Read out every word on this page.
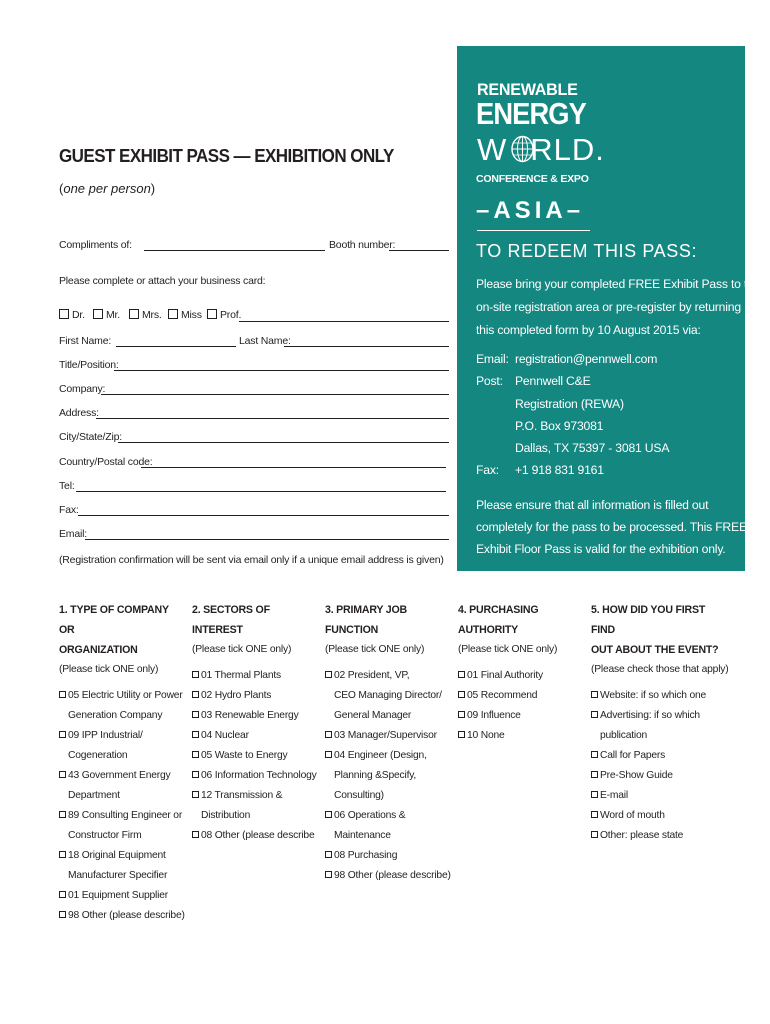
GUEST EXHIBIT PASS — EXHIBITION ONLY
(one per person)
Compliments of:	Booth number:
Please complete or attach your business card:
Dr.	Mr.	Mrs.	Miss	Prof.
First Name:	Last Name:
Title/Position:
Company:
Address:
City/State/Zip:
Country/Postal code:
Tel:
Fax:
Email:
(Registration confirmation will be sent via email only if a unique email address is given)
RENEWABLE
ENERGY
W RLD.
CONFERENCE & EXPO
–ASIA–
TO REDEEM THIS PASS:
Please bring your completed FREE Exhibit Pass to the
on-site registration area or pre-register by returning
this completed form by 10 August 2015 via:
Email: registration@pennwell.com
Post: Pennwell C&E
Registration (REWA)
P.O. Box 973081
Dallas, TX 75397 - 3081 USA
Fax: +1 918 831 9161
Please ensure that all information is filled out
completely for the pass to be processed. This FREE
Exhibit Floor Pass is valid for the exhibition only.
1. TYPE OF COMPANY OR
ORGANIZATION
(Please tick ONE only)
05 Electric Utility or Power
Generation Company
09 IPP Industrial/
Cogeneration
43 Government Energy
Department
89 Consulting Engineer or
Constructor Firm
18 Original Equipment
Manufacturer Specifier
01 Equipment Supplier
98 Other (please describe)
2. SECTORS OF INTEREST
(Please tick ONE only)
01 Thermal Plants
02 Hydro Plants
03 Renewable Energy
04 Nuclear
05 Waste to Energy
06 Information Technology
12 Transmission &
Distribution
08 Other (please describe
3. PRIMARY JOB FUNCTION
(Please tick ONE only)
02 President, VP,
CEO Managing Director/
General Manager
03 Manager/Supervisor
04 Engineer (Design,
Planning &Specify,
Consulting)
06 Operations &
Maintenance
08 Purchasing
98 Other (please describe)
4. PURCHASING AUTHORITY
(Please tick ONE only)
01 Final Authority
05 Recommend
09 Influence
10 None
5. HOW DID YOU FIRST FIND
OUT ABOUT THE EVENT?
(Please check those that apply)
Website: if so which one
Advertising: if so which
publication
Call for Papers
Pre-Show Guide
E-mail
Word of mouth
Other: please state
